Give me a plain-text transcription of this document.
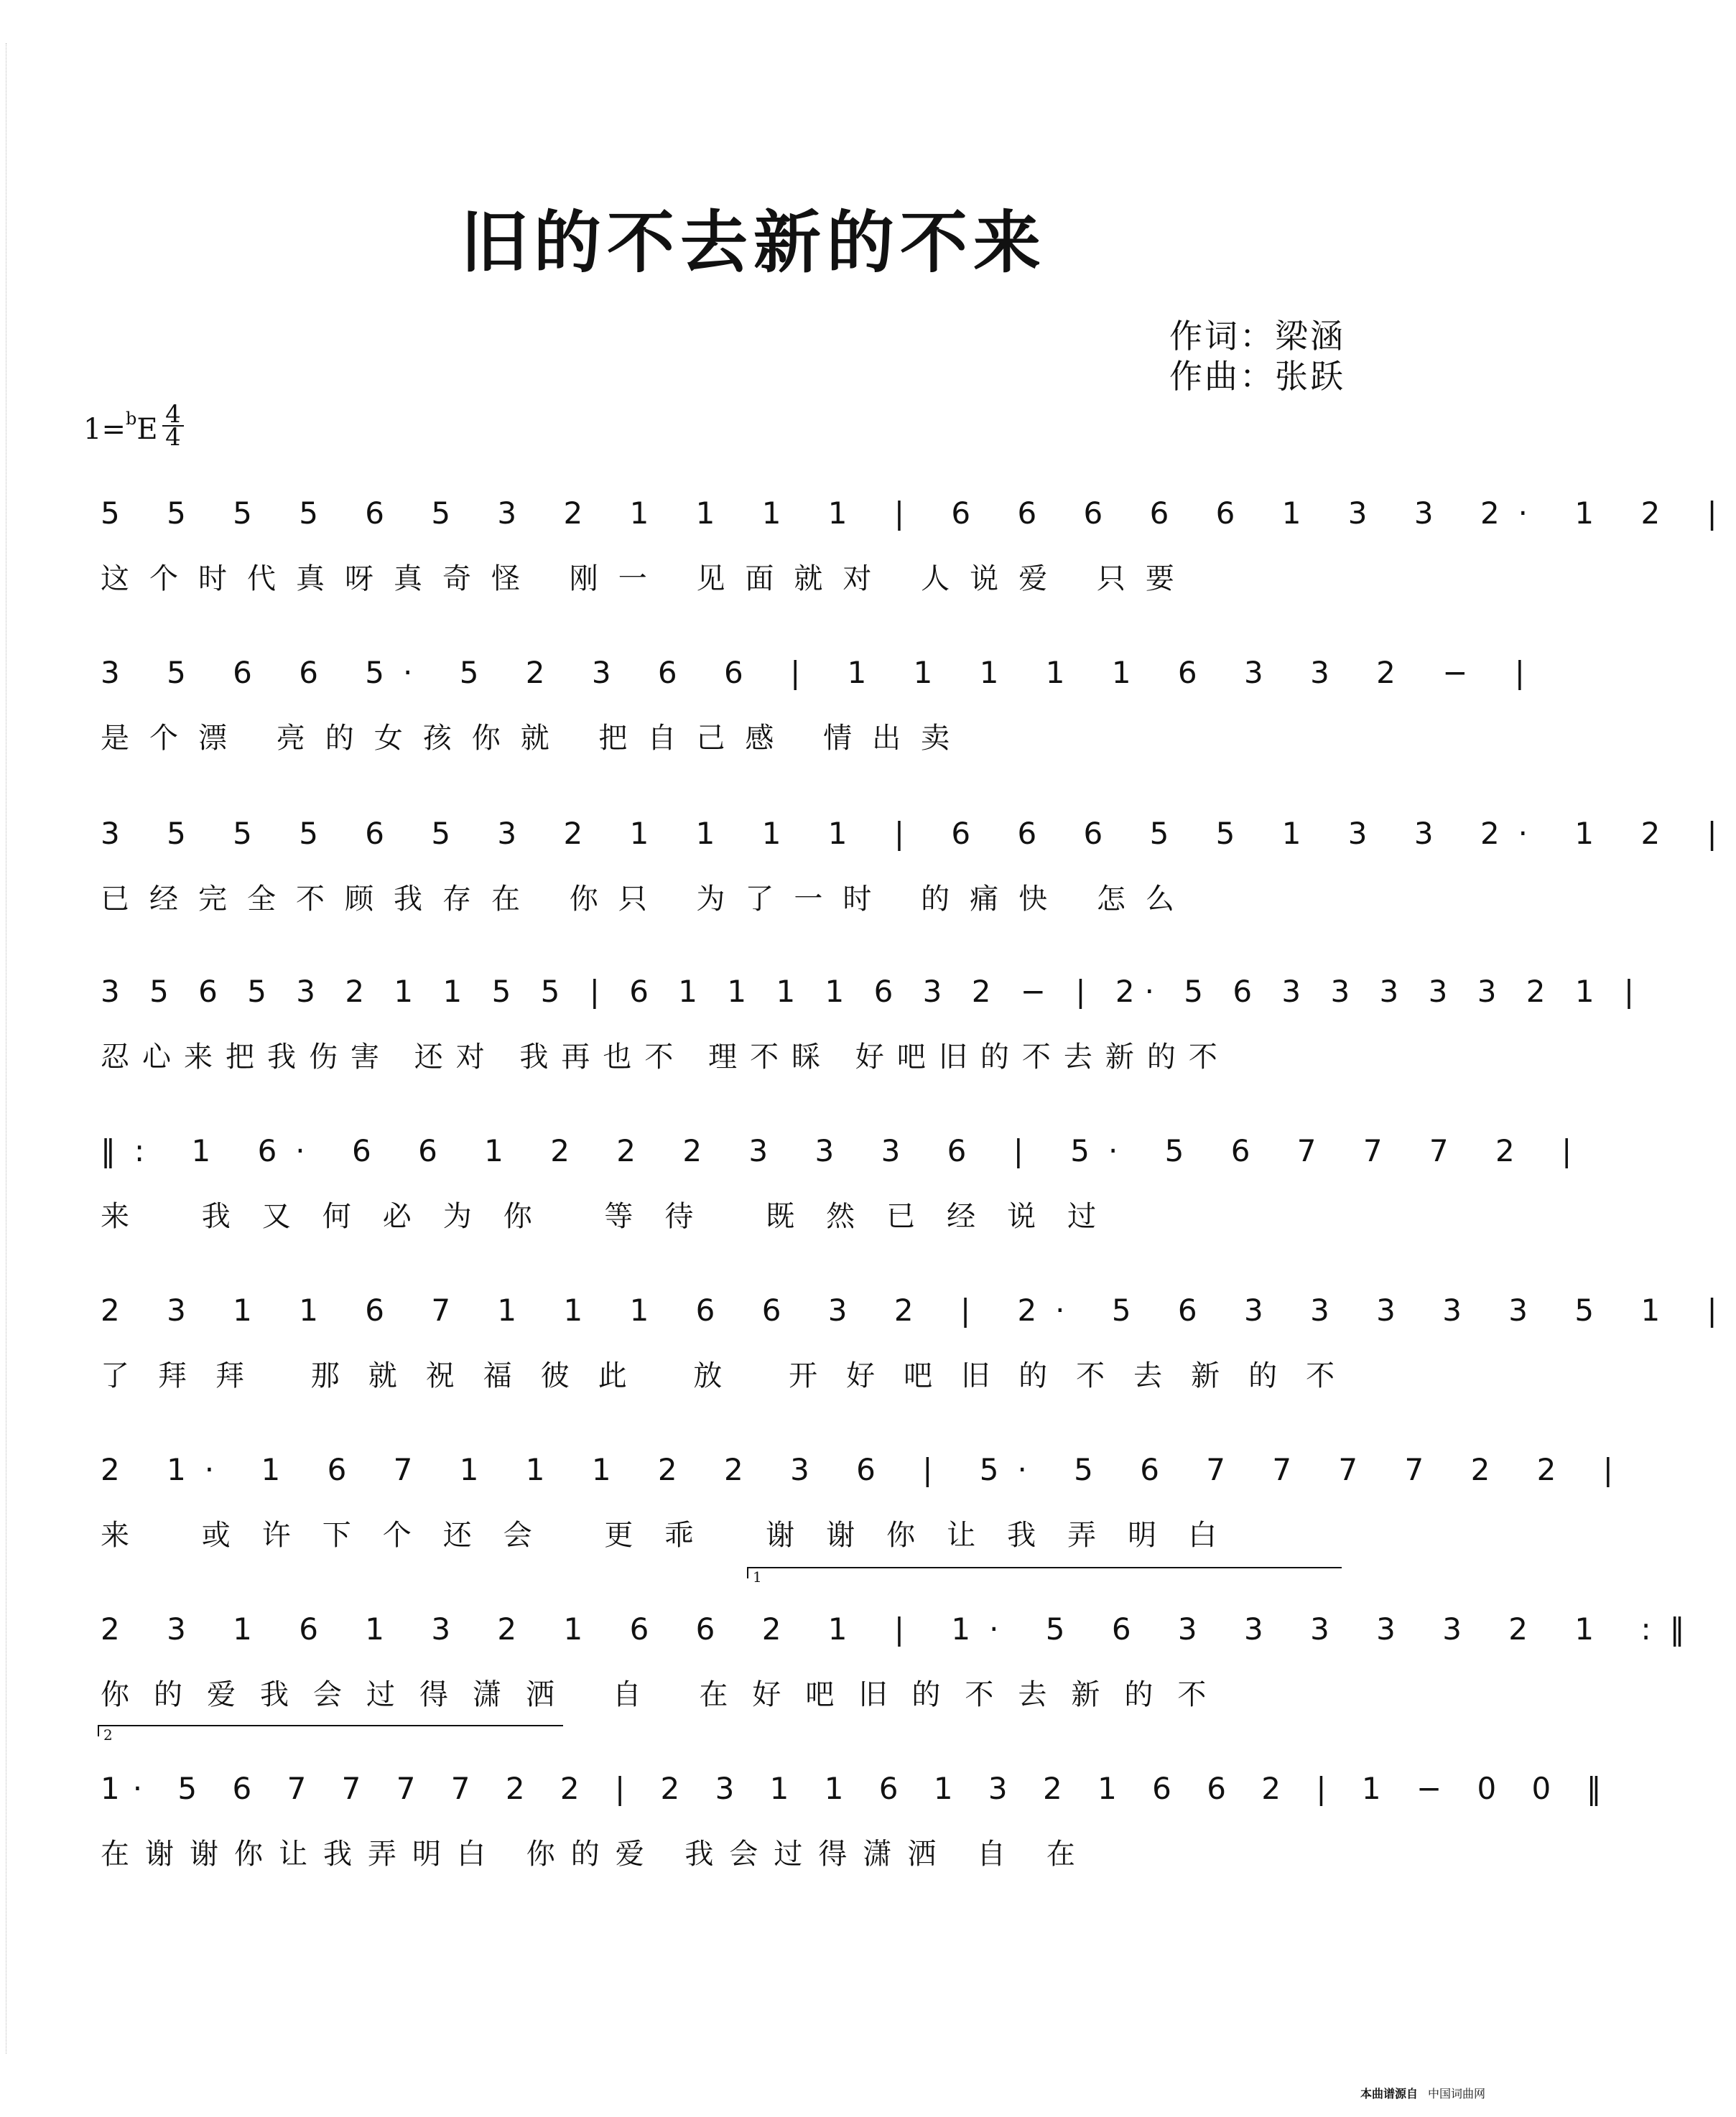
旧的不去新的不来
作词：梁涵
作曲：张跃
1=$^b$E 4
4
5 5 5 5 6 5 3 2 1 1 1 1 | 6 6 6 6 6 1 3 3 2· 1 2 |
这个时代真呀真奇怪 刚一 见面就对 人说爱 只要
3 5 6 6 5· 5 2 3 6 6 | 1 1 1 1 1 6 3 3 2 − |
是个漂 亮的女孩你就 把自己感 情出卖
3 5 5 5 6 5 3 2 1 1 1 1 | 6 6 6 5 5 1 3 3 2· 1 2 |
已经完全不顾我存在 你只 为了一时 的痛快 怎么
3 5 6 5 3 2 1 1 5 5 | 6 1 1 1 1 6 3 2 − | 2· 5 6 3 3 3 3 3 2 1 |
忍心来把我伤害 还对 我再也不 理不睬 好吧旧的不去新的不
‖: 1 6· 6 6 1 2 2 2 3 3 3 6 | 5· 5 6 7 7 7 2 |
来 我又何必为你 等待 既然已经说过
2 3 1 1 6 7 1 1 1 6 6 3 2 | 2· 5 6 3 3 3 3 3 5 1 |
了拜拜 那就祝福彼此 放 开好吧旧的不去新的不
2 1· 1 6 7 1 1 1 2 2 3 6 | 5· 5 6 7 7 7 7 2 2 |
来 或许下个还会 更乖 谢谢你让我弄明白
1
2 3 1 6 1 3 2 1 6 6 2 1 | 1· 5 6 3 3 3 3 3 2 1 :‖
你的爱我会过得潇洒 自 在好吧旧的不去新的不
2
1· 5 6 7 7 7 7 2 2 | 2 3 1 1 6 1 3 2 1 6 6 2 | 1 − 0 0 ‖
在谢谢你让我弄明白 你的爱 我会过得潇洒 自 在
本曲谱源自 中国词曲网
